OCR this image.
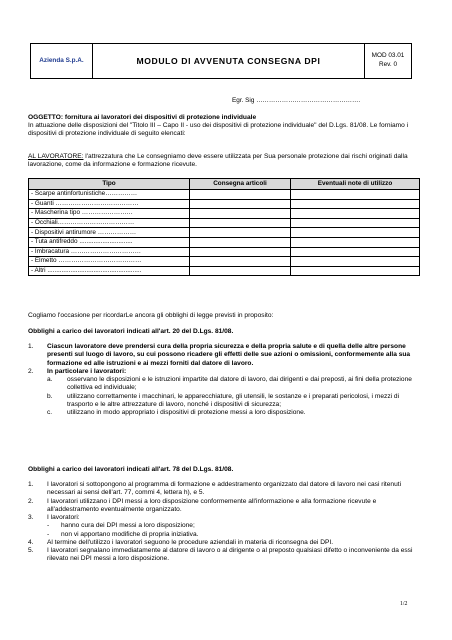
Azienda S.p.A.	MODULO DI AVVENUTA CONSEGNA DPI
MOD 03.01
Rev. 0
Egr. Sig ………………………………………….

OGGETTO: fornitura ai lavoratori dei dispositivi di protezione individuale

In attuazione delle disposizioni del "Titolo III – Capo II - uso dei dispositivi di protezione individuale" del D.Lgs. 81/08. Le forniamo i dispositivi di protezione individuale di seguito elencati:

AL LAVORATORE: l'attrezzatura che Le consegniamo deve essere utilizzata per Sua personale protezione dai rischi originati dalla lavorazione, come da informazione e formazione ricevute.

Tipo	Consegna articoli	Eventuali note di utilizzo
- Scarpe antinfortunistiche……………		
- Guanti …………………………………		
- Mascherina tipo ……………………		
- Occhiali………………………………		
- Dispositivi antirumore ………………		
- Tuta antifreddo ..............................		
- Imbracatura ……………………………		
- Elmetto …………………………………		
- Altri .....................................................		
Cogliamo l'occasione per ricordarLe ancora gli obblighi di legge previsti in proposito:

Obblighi a carico dei lavoratori indicati all'art. 20 del D.Lgs. 81/08.

1.	Ciascun lavoratore deve prendersi cura della propria sicurezza e della propria salute e di quella delle altre persone presenti sul luogo di lavoro, su cui possono ricadere gli effetti delle sue azioni o omissioni, conformemente alla sua formazione ed alle istruzioni e ai mezzi forniti dal datore di lavoro.
2.	In particolare i lavoratori:
a.	osservano le disposizioni e le istruzioni impartite dal datore di lavoro, dai dirigenti e dai preposti, ai fini della protezione collettiva ed individuale;
b.	utilizzano correttamente i macchinari, le apparecchiature, gli utensili, le sostanze e i preparati pericolosi, i mezzi di trasporto e le altre attrezzature di lavoro, nonché i dispositivi di sicurezza;
c.	utilizzano in modo appropriato i dispositivi di protezione messi a loro disposizione.

Obblighi a carico dei lavoratori indicati all'art. 78 del D.Lgs. 81/08.

1.	I lavoratori si sottopongono al programma di formazione e addestramento organizzato dal datore di lavoro nei casi ritenuti necessari ai sensi dell'art. 77, commi 4, lettera h), e 5.
2.	I lavoratori utilizzano i DPI messi a loro disposizione conformemente all'informazione e alla formazione ricevute e all'addestramento eventualmente organizzato.
3.	I lavoratori:
-	hanno cura dei DPI messi a loro disposizione;
-	non vi apportano modifiche di propria iniziativa.
4.	Al termine dell'utilizzo i lavoratori seguono le procedure aziendali in materia di riconsegna dei DPI.
5.	I lavoratori segnalano immediatamente al datore di lavoro o al dirigente o al preposto qualsiasi difetto o inconveniente da essi rilevato nei DPI messi a loro disposizione.
1/2
